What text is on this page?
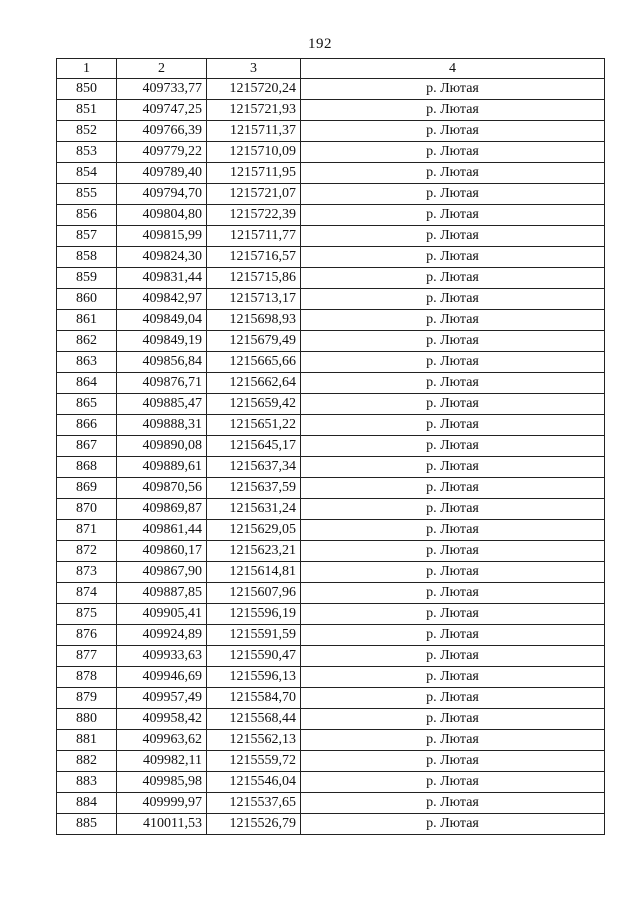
192
1	2	3	4
850	409733,77	1215720,24	р. Лютая
851	409747,25	1215721,93	р. Лютая
852	409766,39	1215711,37	р. Лютая
853	409779,22	1215710,09	р. Лютая
854	409789,40	1215711,95	р. Лютая
855	409794,70	1215721,07	р. Лютая
856	409804,80	1215722,39	р. Лютая
857	409815,99	1215711,77	р. Лютая
858	409824,30	1215716,57	р. Лютая
859	409831,44	1215715,86	р. Лютая
860	409842,97	1215713,17	р. Лютая
861	409849,04	1215698,93	р. Лютая
862	409849,19	1215679,49	р. Лютая
863	409856,84	1215665,66	р. Лютая
864	409876,71	1215662,64	р. Лютая
865	409885,47	1215659,42	р. Лютая
866	409888,31	1215651,22	р. Лютая
867	409890,08	1215645,17	р. Лютая
868	409889,61	1215637,34	р. Лютая
869	409870,56	1215637,59	р. Лютая
870	409869,87	1215631,24	р. Лютая
871	409861,44	1215629,05	р. Лютая
872	409860,17	1215623,21	р. Лютая
873	409867,90	1215614,81	р. Лютая
874	409887,85	1215607,96	р. Лютая
875	409905,41	1215596,19	р. Лютая
876	409924,89	1215591,59	р. Лютая
877	409933,63	1215590,47	р. Лютая
878	409946,69	1215596,13	р. Лютая
879	409957,49	1215584,70	р. Лютая
880	409958,42	1215568,44	р. Лютая
881	409963,62	1215562,13	р. Лютая
882	409982,11	1215559,72	р. Лютая
883	409985,98	1215546,04	р. Лютая
884	409999,97	1215537,65	р. Лютая
885	410011,53	1215526,79	р. Лютая
